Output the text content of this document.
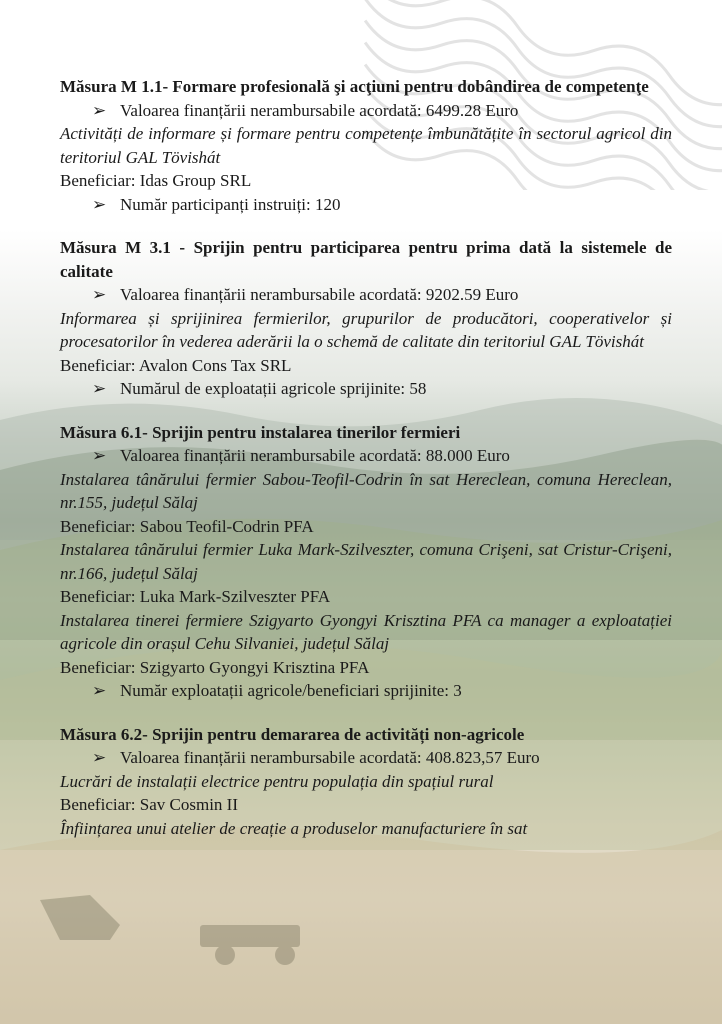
Măsura M 1.1- Formare profesională şi acţiuni pentru dobândirea de competenţe

➢ Valoarea finanțării nerambursabile acordată: 6499.28 Euro

Activități de informare și formare pentru competențe îmbunătățite în sectorul agricol din teritoriul GAL Tövishát

Beneficiar: Idas Group SRL

➢ Număr participanți instruiți: 120

Măsura M 3.1 - Sprijin pentru participarea pentru prima dată la sistemele de calitate

➢ Valoarea finanțării nerambursabile acordată: 9202.59 Euro

Informarea și sprijinirea fermierilor, grupurilor de producători, cooperativelor și procesatorilor în vederea aderării la o schemă de calitate din teritoriul GAL Tövishát

Beneficiar: Avalon Cons Tax SRL

➢ Numărul de exploatații agricole sprijinite: 58

Măsura 6.1- Sprijin pentru instalarea tinerilor fermieri

➢ Valoarea finanțării nerambursabile acordată: 88.000 Euro

Instalarea tânărului fermier Sabou-Teofil-Codrin în sat Hereclean, comuna Hereclean, nr.155, județul Sălaj

Beneficiar: Sabou Teofil-Codrin PFA

Instalarea tânărului fermier Luka Mark-Szilveszter, comuna Crişeni, sat Cristur-Crişeni, nr.166, județul Sălaj

Beneficiar: Luka Mark-Szilveszter PFA

Instalarea tinerei fermiere Szigyarto Gyongyi Krisztina PFA ca manager a exploatației agricole din orașul Cehu Silvaniei, județul Sălaj

Beneficiar: Szigyarto Gyongyi Krisztina PFA

➢ Număr exploatații agricole/beneficiari sprijinite: 3

Măsura 6.2- Sprijin pentru demararea de activități non-agricole

➢ Valoarea finanțării nerambursabile acordată: 408.823,57 Euro

Lucrări de instalații electrice pentru populația din spațiul rural

Beneficiar: Sav Cosmin II

Înființarea unui atelier de creație a produselor manufacturiere în sat
